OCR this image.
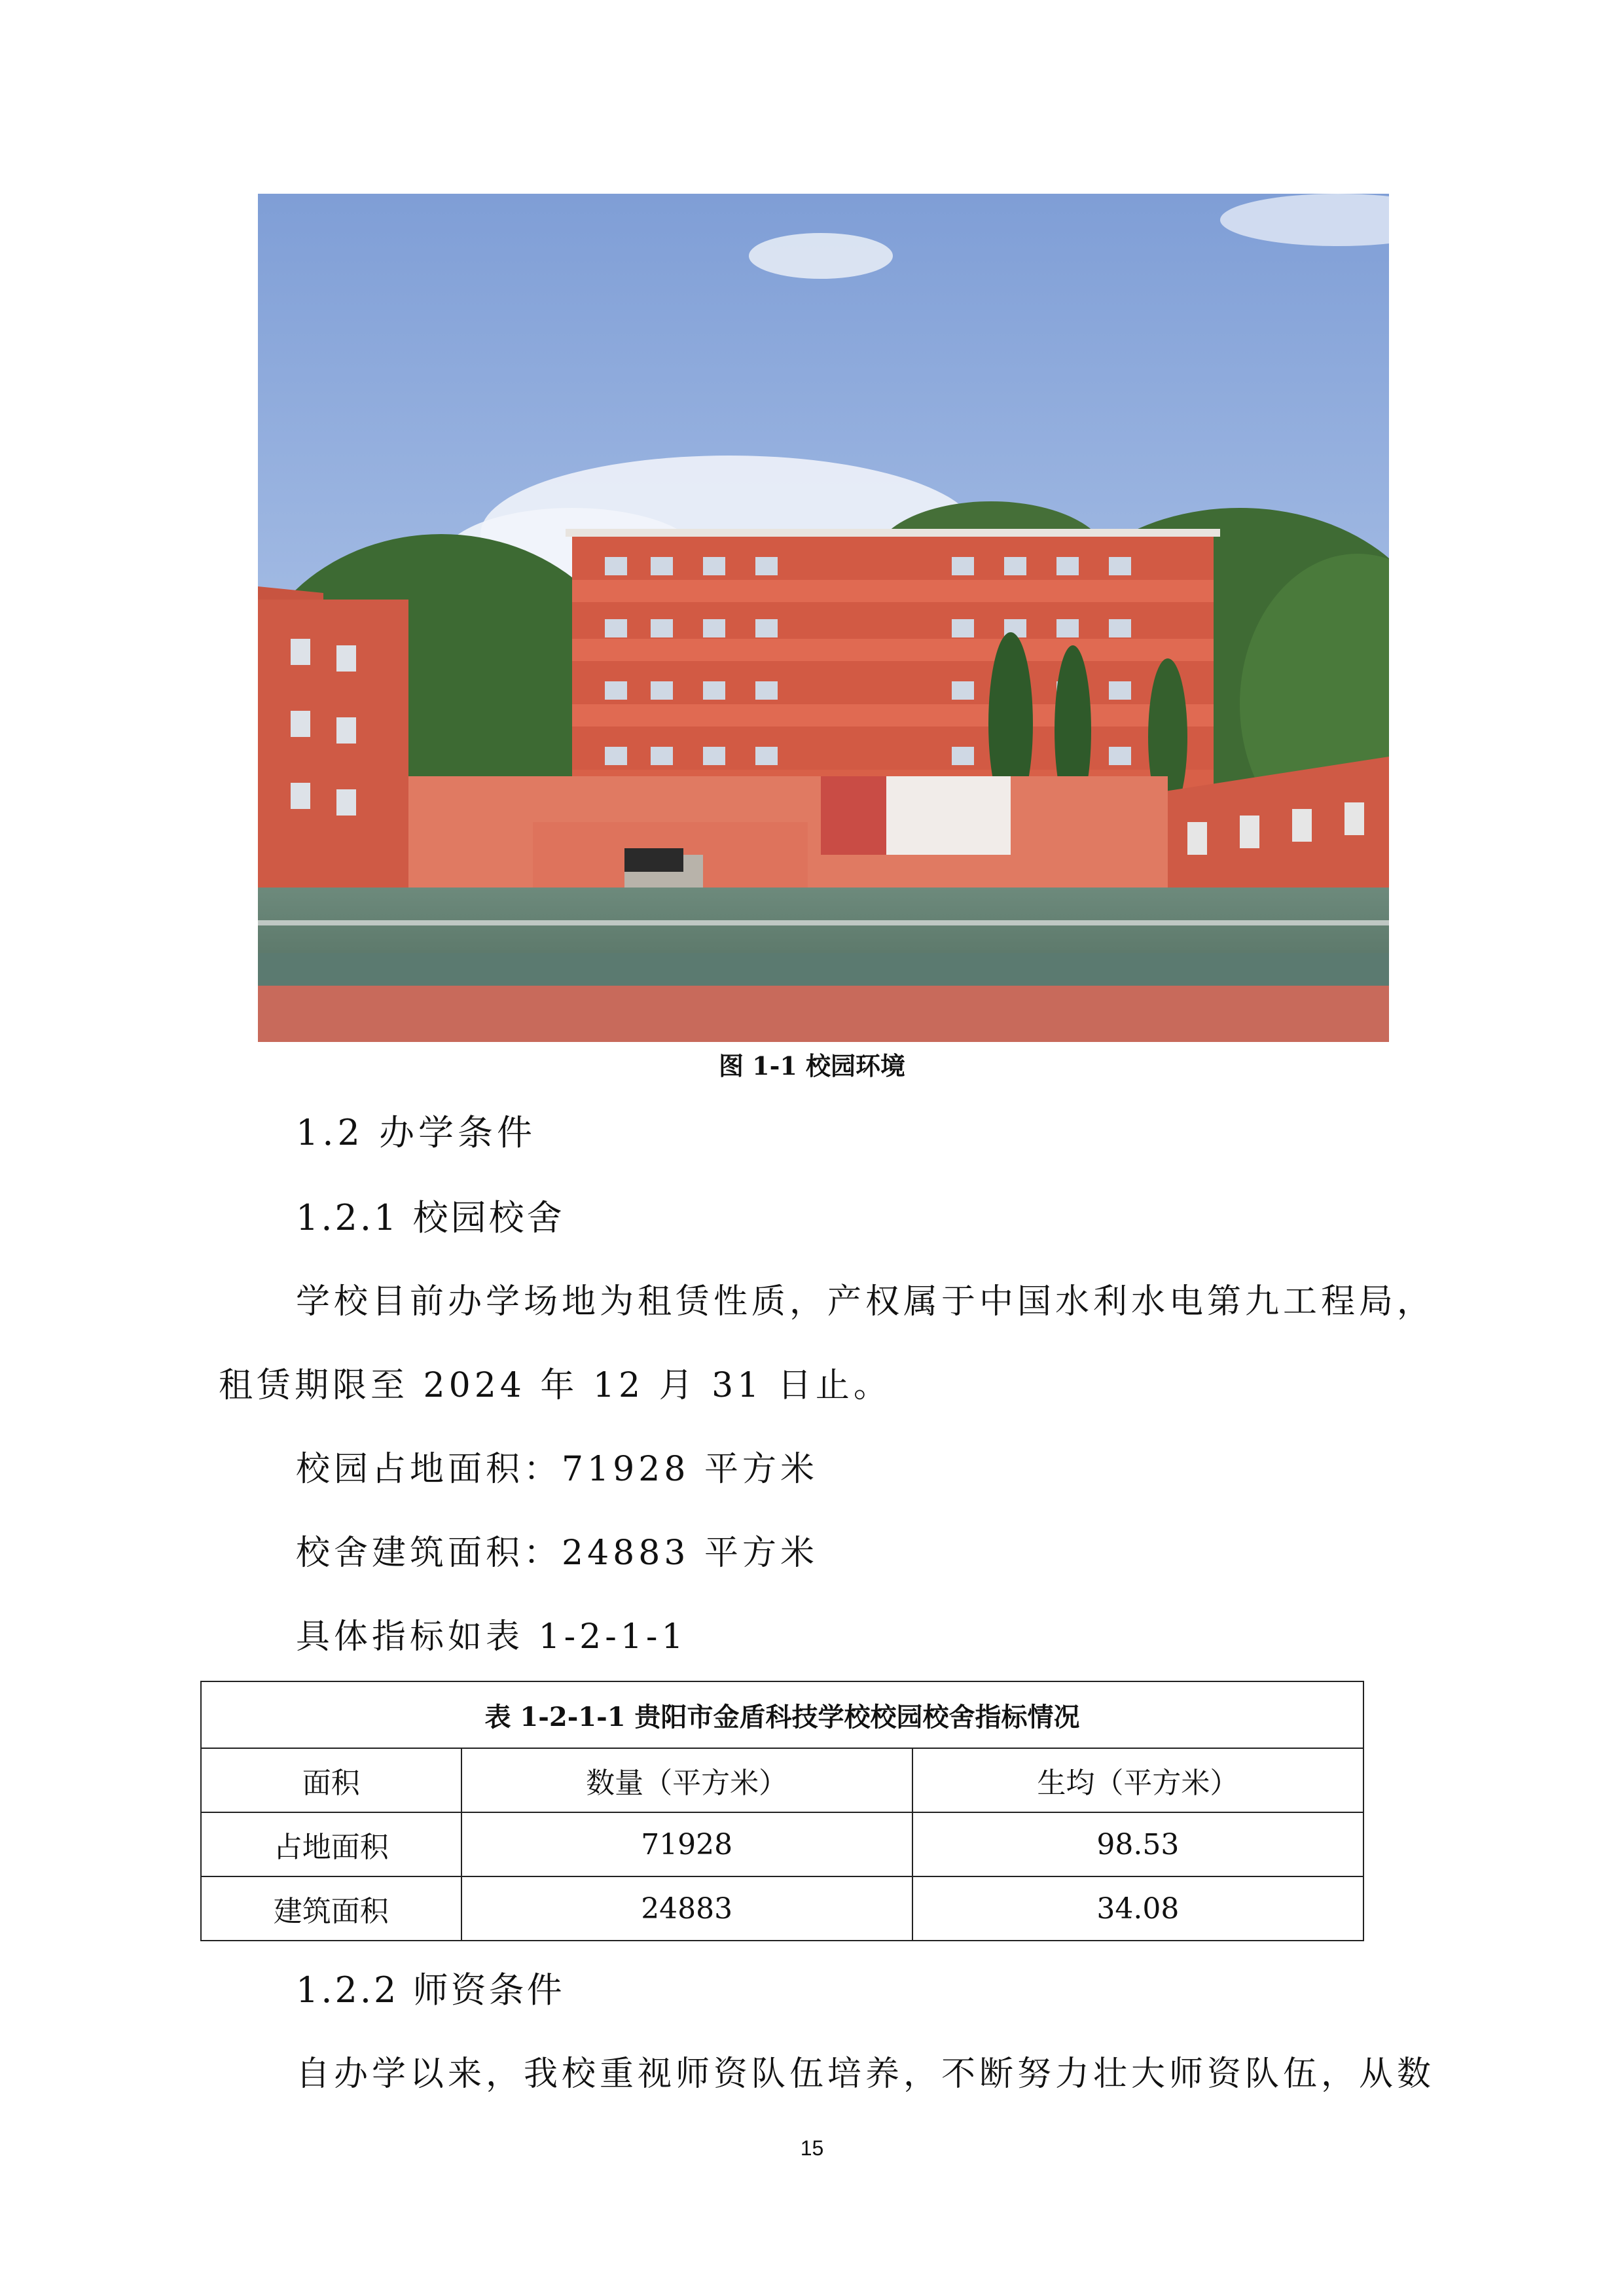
图 1-1 校园环境
1.2 办学条件
1.2.1 校园校舍
学校目前办学场地为租赁性质，产权属于中国水利水电第九工程局，
租赁期限至 2024 年 12 月 31 日止。
校园占地面积：71928 平方米
校舍建筑面积：24883 平方米
具体指标如表 1-2-1-1
表 1-2-1-1 贵阳市金盾科技学校校园校舍指标情况		
面积	数量（平方米）	生均（平方米）
占地面积	71928	98.53
建筑面积	24883	34.08
1.2.2 师资条件
自办学以来，我校重视师资队伍培养，不断努力壮大师资队伍，从数
15
